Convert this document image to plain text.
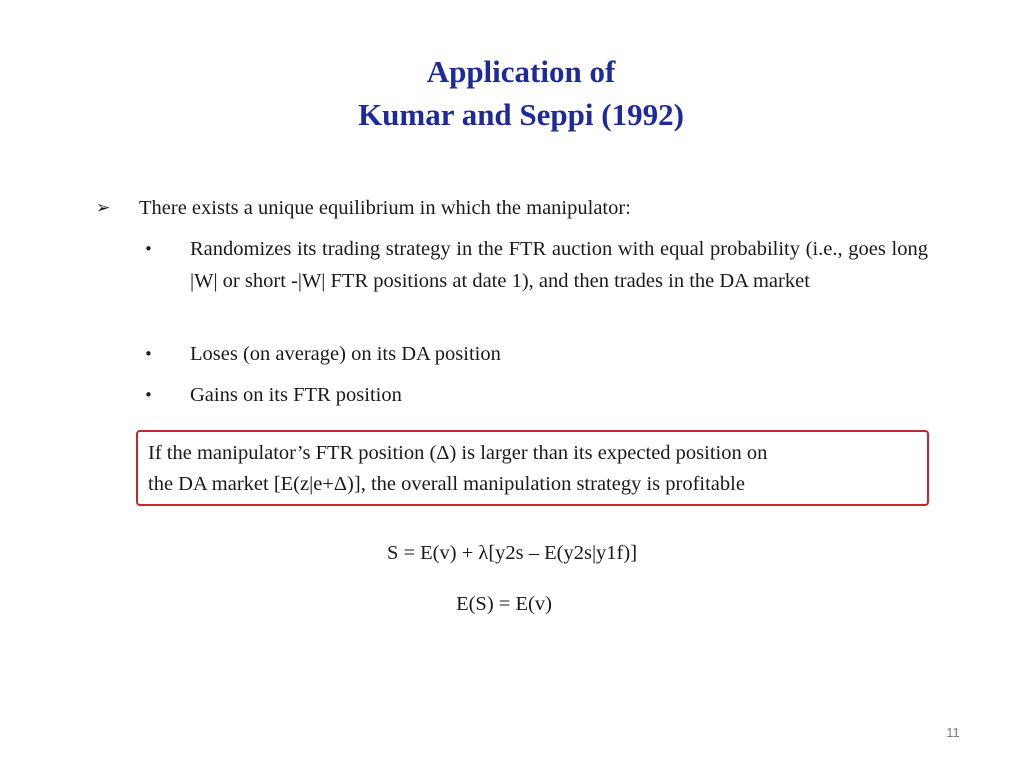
Application of
Kumar and Seppi (1992)
➢ There exists a unique equilibrium in which the manipulator:
• Randomizes its trading strategy in the FTR auction with equal probability (i.e., goes long |W| or short -|W| FTR positions at date 1), and then trades in the DA market
• Loses (on average) on its DA position
• Gains on its FTR position
If the manipulator’s FTR position (Δ) is larger than its expected position on
the DA market [E(z|e+Δ)], the overall manipulation strategy is profitable
S = E(v) + λ[y2s – E(y2s|y1f)]
E(S) = E(v)
11
